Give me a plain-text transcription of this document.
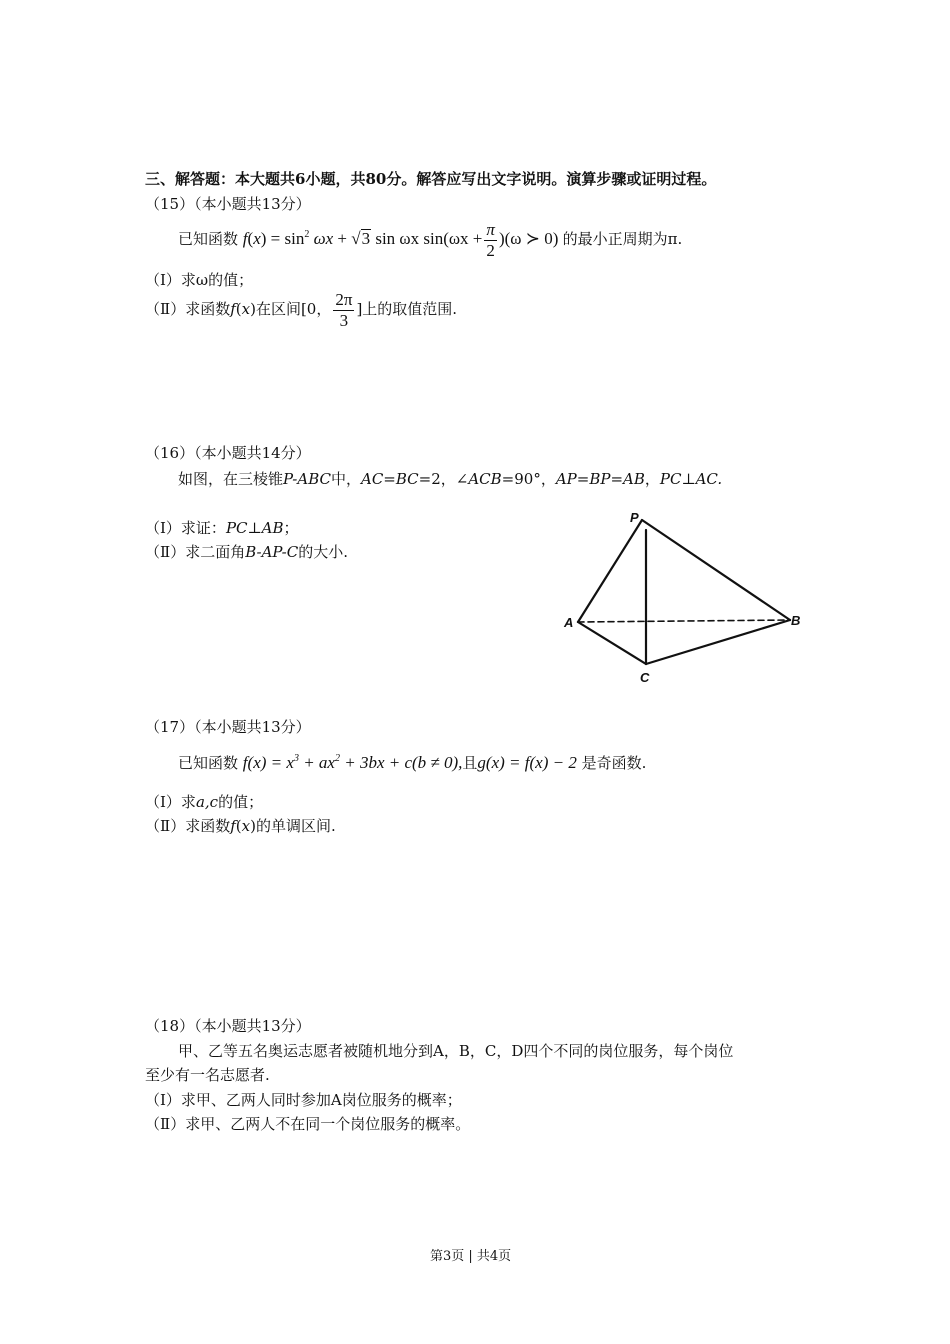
三、解答题：本大题共6小题，共80分。解答应写出文字说明。演算步骤或证明过程。
（15）（本小题共13分）
已知函数 $f(x) = \sin^2 \omega x + √3$ sin ωx $\sin(\omega x + \frac{\pi}{2} )(\omega$ ≻ 0) 的最小正周期为π.
（Ⅰ）求ω的值；
（Ⅱ）求函数f(x)在区间[0， $\frac{2\pi}{3}$ ]上的取值范围.
（16）（本小题共14分）
如图，在三棱锥P-ABC中，AC=BC=2，∠ACB=90°，AP=BP=AB，PC⊥AC.
（Ⅰ）求证：PC⊥AB；
（Ⅱ）求二面角B-AP-C的大小.
P
A	B
C
（17）（本小题共13分）
已知函数 $f(x) = x^3 + ax^2 + 3bx + c(b \ne 0)$,且g(x) = f(x) − 2 是奇函数.
（Ⅰ）求a,c的值；
（Ⅱ）求函数f(x)的单调区间.
（18）（本小题共13分）
甲、乙等五名奥运志愿者被随机地分到A，B，C，D四个不同的岗位服务，每个岗位
至少有一名志愿者.
（Ⅰ）求甲、乙两人同时参加A岗位服务的概率；
（Ⅱ）求甲、乙两人不在同一个岗位服务的概率。
第3页 | 共4页
